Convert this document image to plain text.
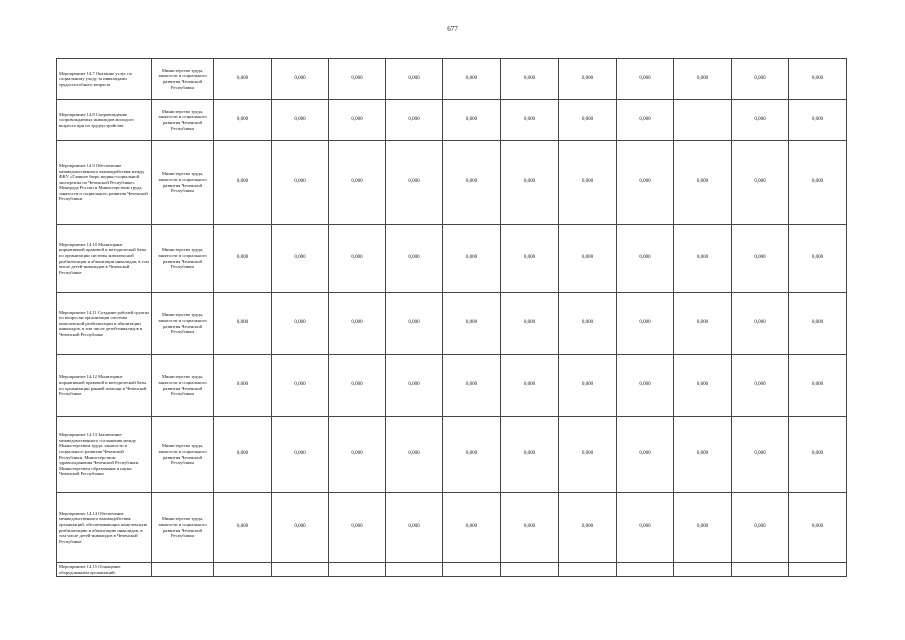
677
Мероприятие 14.7 Оказание услуг по социальному уходу за инвалидами трудоспособного возраста	Министерство труда, занятости и социального развития Чеченской Республики	0,000	0,000	0,000	0,000	0,000	0,000	0,000	0,000	0,000	0,000	0,000
Мероприятие 14.8 Сопровождение сопровождаемых инвалидов молодого возраста при их трудоустройстве	Министерство труда, занятости и социального развития Чеченской Республики	0,000	0,000	0,000	0,000	0,000	0,000	0,000	0,000		0,000	0,000
Мероприятие 14.9 Обеспечение межведомственного взаимодействия между ФКУ «Главное бюро медико-социальной экспертизы по Чеченской Республике» Минтруда России и Министерством труда, занятости и социального развития Чеченской Республики	Министерство труда, занятости и социального развития Чеченской Республики	0,000	0,000	0,000	0,000	0,000	0,000	0,000	0,000	0,000	0,000	0,000
Мероприятие 14.10 Мониторинг нормативной правовой и методической базы по организации системы комплексной реабилитации и абилитации инвалидов, в том числе детей-инвалидов в Чеченской Республике	Министерство труда, занятости и социального развития Чеченской Республики	0,000	0,000	0,000	0,000	0,000	0,000	0,000	0,000	0,000	0,000	0,000
Мероприятие 14.11 Создание рабочей группы по вопросам организации системы комплексной реабилитации и абилитации инвалидов, в том числе детей-инвалидов в Чеченской Республике	Министерство труда, занятости и социального развития Чеченской Республики	0,000	0,000	0,000	0,000	0,000	0,000	0,000	0,000	0,000	0,000	0,000
Мероприятие 14.12 Мониторинг нормативной правовой и методической базы по организации ранней помощи в Чеченской Республике	Министерство труда, занятости и социального развития Чеченской Республики	0,000	0,000	0,000	0,000	0,000	0,000	0,000	0,000	0,000	0,000	0,000
Мероприятие 14.13 Заключение межведомственного соглашения между Министерством труда, занятости и социального развития Чеченской Республики, Министерством здравоохранения Чеченской Республики, Министерством образования и науки Чеченской Республики	Министерство труда, занятости и социального развития Чеченской Республики	0,000	0,000	0,000	0,000	0,000	0,000	0,000	0,000	0,000	0,000	0,000
Мероприятие 14.14 Обеспечение межведомственного взаимодействия организаций, обеспечивающих комплексную реабилитацию и абилитацию инвалидов, в том числе детей-инвалидов в Чеченской Республике	Министерство труда, занятости и социального развития Чеченской Республики	0,000	0,000	0,000	0,000	0,000	0,000	0,000	0,000	0,000	0,000	0,000
Мероприятие 14.15 Оснащение оборудованием организаций,												
